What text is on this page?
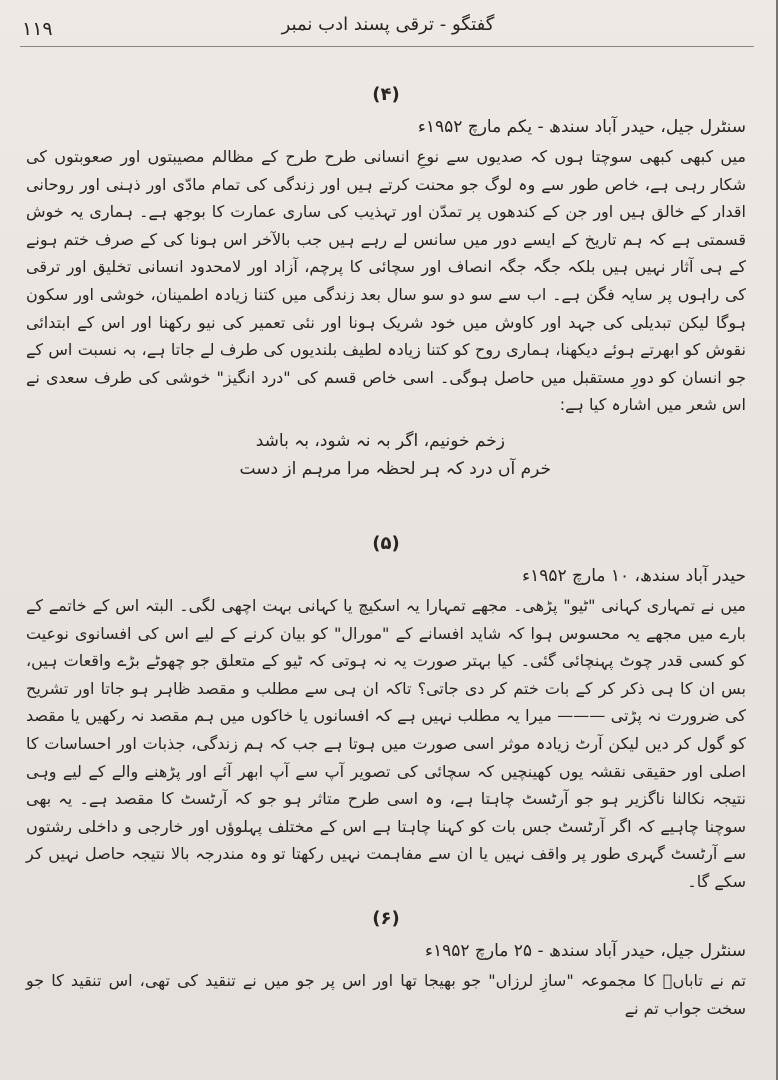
۱۱۹	گفتگو - ترقی پسند ادب نمبر
(۴)
سنٹرل جیل، حیدر آباد سندھ - یکم مارچ ۱۹۵۲ء

میں کبھی کبھی سوچتا ہوں کہ صدیوں سے نوعِ انسانی طرح طرح کے مظالم مصیبتوں اور صعوبتوں کی شکار رہی ہے، خاص طور سے وہ لوگ جو محنت کرتے ہیں اور زندگی کی تمام مادّی اور ذہنی اور روحانی اقدار کے خالق ہیں اور جن کے کندھوں پر تمدّن اور تہذیب کی ساری عمارت کا بوجھ ہے۔ ہماری یہ خوش قسمتی ہے کہ ہم تاریخ کے ایسے دور میں سانس لے رہے ہیں جب بالآخر اس ہونا کی کے صرف ختم ہونے کے ہی آثار نہیں ہیں بلکہ جگہ جگہ انصاف اور سچائی کا پرچم، آزاد اور لامحدود انسانی تخلیق اور ترقی کی راہوں پر سایہ فگن ہے۔ اب سے سو دو سو سال بعد زندگی میں کتنا زیادہ اطمینان، خوشی اور سکون ہوگا لیکن تبدیلی کی جہد اور کاوش میں خود شریک ہونا اور نئی تعمیر کی نیو رکھنا اور اس کے ابتدائی نقوش کو ابھرتے ہوئے دیکھنا، ہماری روح کو کتنا زیادہ لطیف بلندیوں کی طرف لے جاتا ہے، بہ نسبت اس کے جو انسان کو دورِ مستقبل میں حاصل ہوگی۔ اسی خاص قسم کی "درد انگیز" خوشی کی طرف سعدی نے اس شعر میں اشارہ کیا ہے:

زخم خونیم، اگر بہ نہ شود، بہ باشد
خرم آں درد کہ ہر لحظہ مرا مرہم از دست
(۵)
حیدر آباد سندھ، ۱۰ مارچ ۱۹۵۲ء

میں نے تمہاری کہانی "ٹیو" پڑھی۔ مجھے تمہارا یہ اسکیچ یا کہانی بہت اچھی لگی۔ البتہ اس کے خاتمے کے بارے میں مجھے یہ محسوس ہوا کہ شاید افسانے کے "مورال" کو بیان کرنے کے لیے اس کی افسانوی نوعیت کو کسی قدر چوٹ پہنچائی گئی۔ کیا بہتر صورت یہ نہ ہوتی کہ ٹیو کے متعلق جو چھوٹے بڑے واقعات ہیں، بس ان کا ہی ذکر کر کے بات ختم کر دی جاتی؟ تاکہ ان ہی سے مطلب و مقصد ظاہر ہو جاتا اور تشریح کی ضرورت نہ پڑتی ——— میرا یہ مطلب نہیں ہے کہ افسانوں یا خاکوں میں ہم مقصد نہ رکھیں یا مقصد کو گول کر دیں لیکن آرٹ زیادہ موثر اسی صورت میں ہوتا ہے جب کہ ہم زندگی، جذبات اور احساسات کا اصلی اور حقیقی نقشہ یوں کھینچیں کہ سچائی کی تصویر آپ سے آپ ابھر آئے اور پڑھنے والے کے لیے وہی نتیجہ نکالنا ناگزیر ہو جو آرٹسٹ چاہتا ہے، وہ اسی طرح متاثر ہو جو کہ آرٹسٹ کا مقصد ہے۔ یہ بھی سوچنا چاہیے کہ اگر آرٹسٹ جس بات کو کہنا چاہتا ہے اس کے مختلف پہلوؤں اور خارجی و داخلی رشتوں سے آرٹسٹ گہری طور پر واقف نہیں یا ان سے مفاہمت نہیں رکھتا تو وہ مندرجہ بالا نتیجہ حاصل نہیں کر سکے گا۔

(۶)
سنٹرل جیل، حیدر آباد سندھ - ۲۵ مارچ ۱۹۵۲ء

تم نے تاباںؔ کا مجموعہ "سازِ لرزاں" جو بھیجا تھا اور اس پر جو میں نے تنقید کی تھی، اس تنقید کا جو سخت جواب تم نے
